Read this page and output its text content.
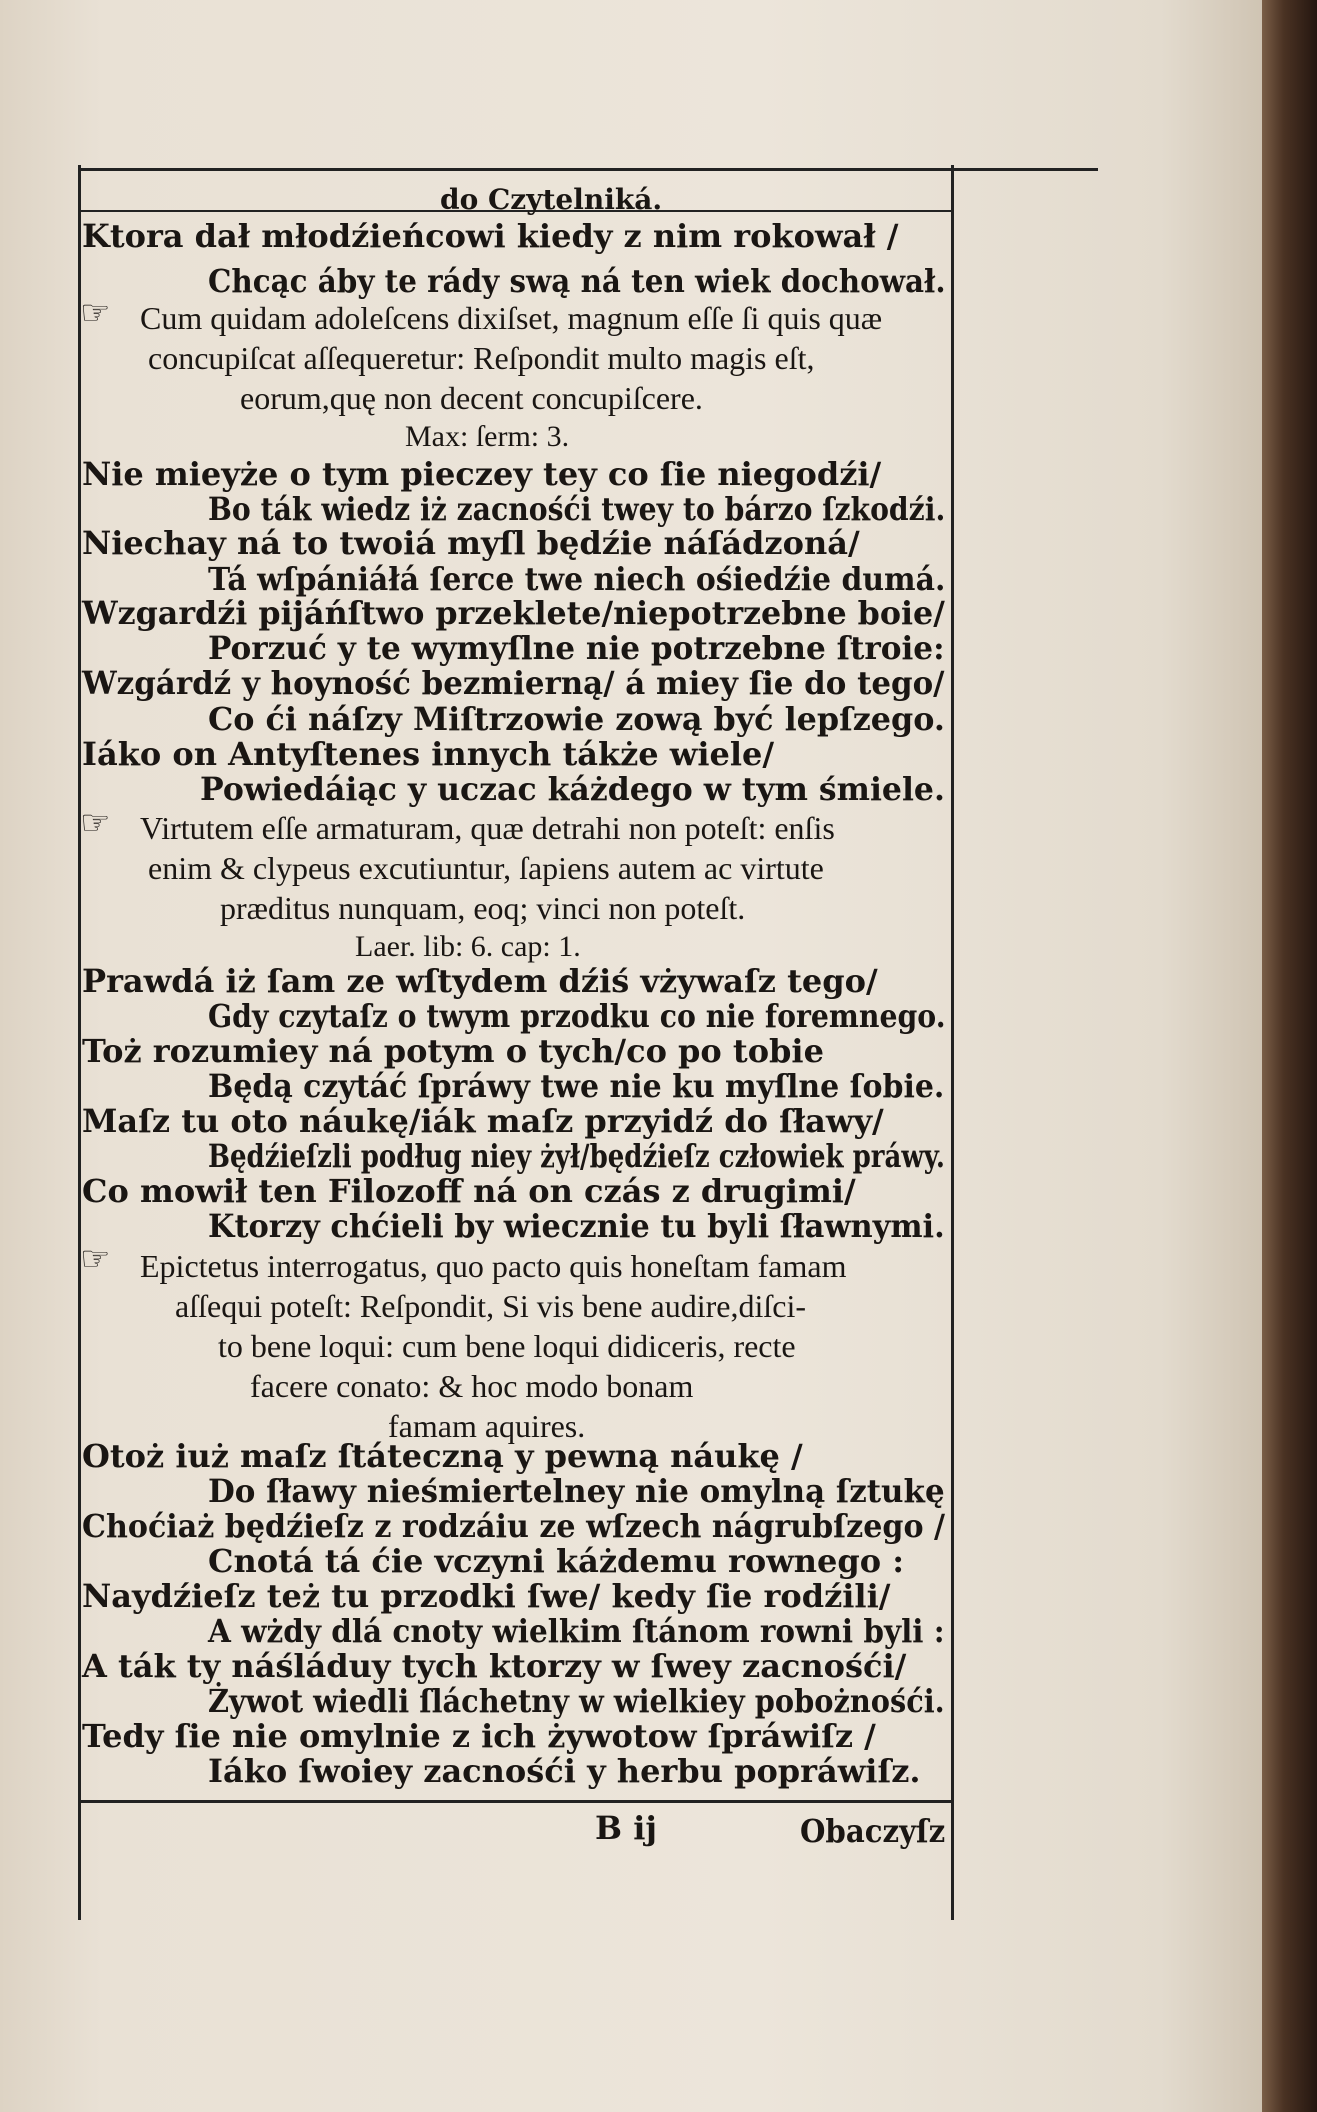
do Czytelniká.
Ktora dał młodźieńcowi kiedy z nim rokował /
Chcąc áby te rády swą ná ten wiek dochował.
☞ Cum quidam adoleſcens dixiſset, magnum eſſe ſi quis quæ
concupiſcat aſſequeretur: Reſpondit multo magis eſt,
eorum,quę non decent concupiſcere.
Max: ſerm: 3.
Nie mieyże o tym pieczey tey co ſie niegodźi/
Bo ták wiedz iż zacnośći twey to bárzo ſzkodźi.
Niechay ná to twoiá myſl będźie náſádzoná/
Tá wſpániáłá ſerce twe niech ośiedźie dumá.
Wzgardźi pijáńſtwo przeklete/niepotrzebne boie/
Porzuć y te wymyſlne nie potrzebne ſtroie:
Wzgárdź y hoyność bezmierną/ á miey ſie do tego/
Co ći náſzy Miſtrzowie zową być lepſzego.
Iáko on Antyſtenes innych tákże wiele/
Powiedáiąc y uczac káżdego w tym śmiele.
☞ Virtutem eſſe armaturam, quæ detrahi non poteſt: enſis
enim & clypeus excutiuntur, ſapiens autem ac virtute
præditus nunquam, eoq; vinci non poteſt.
Laer. lib: 6. cap: 1.
Prawdá iż ſam ze wſtydem dźiś vżywaſz tego/
Gdy czytaſz o twym przodku co nie foremnego.
Toż rozumiey ná potym o tych/co po tobie
Będą czytáć ſpráwy twe nie ku myſlne ſobie.
Maſz tu oto náukę/iák maſz przyidź do ſławy/
Będźieſzli podług niey żył/będźieſz człowiek práwy.
Co mowił ten Filozoff ná on czás z drugimi/
Ktorzy chćieli by wiecznie tu byli ſławnymi.
☞ Epictetus interrogatus, quo pacto quis honeſtam famam
aſſequi poteſt: Reſpondit, Si vis bene audire,diſci-
to bene loqui: cum bene loqui didiceris, recte
facere conato: & hoc modo bonam
famam aquires.
Otoż iuż maſz ſtáteczną y pewną náukę /
Do ſławy nieśmiertelney nie omylną ſztukę
Choćiaż będźieſz z rodzáiu ze wſzech nágrubſzego /
Cnotá tá ćie vczyni káżdemu rownego :
Naydźieſz też tu przodki ſwe/ kedy ſie rodźili/
A wżdy dlá cnoty wielkim ſtánom rowni byli :
A ták ty náśláduy tych ktorzy w ſwey zacnośći/
Żywot wiedli ſláchetny w wielkiey pobożnośći.
Tedy ſie nie omylnie z ich żywotow ſpráwiſz /
Iáko ſwoiey zacnośći y herbu popráwiſz.
B ij	Obaczyſz
